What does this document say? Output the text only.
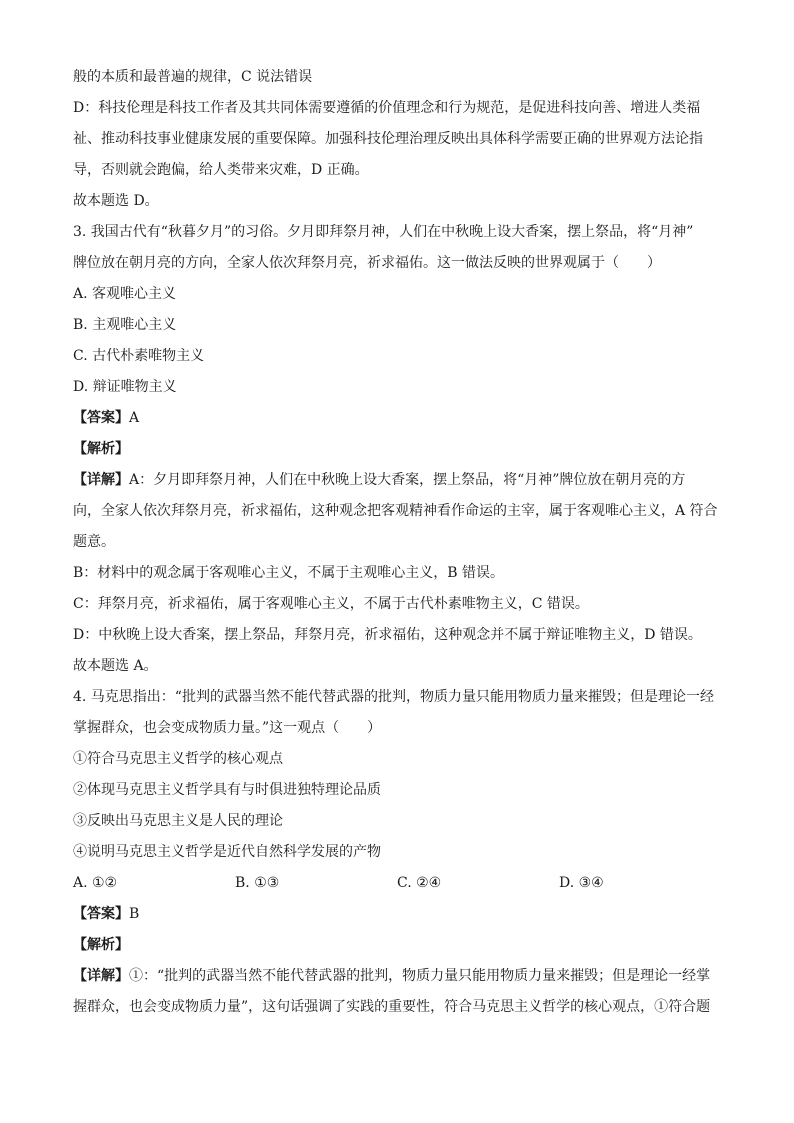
般的本质和最普遍的规律，C 说法错误
D：科技伦理是科技工作者及其共同体需要遵循的价值理念和行为规范，是促进科技向善、增进人类福
祉、推动科技事业健康发展的重要保障。加强科技伦理治理反映出具体科学需要正确的世界观方法论指
导，否则就会跑偏，给人类带来灾难，D 正确。
故本题选 D。
3. 我国古代有“秋暮夕月”的习俗。夕月即拜祭月神，人们在中秋晚上设大香案，摆上祭品，将“月神”
牌位放在朝月亮的方向，全家人依次拜祭月亮，祈求福佑。这一做法反映的世界观属于（　　）
A. 客观唯心主义
B. 主观唯心主义
C. 古代朴素唯物主义
D. 辩证唯物主义
【答案】A
【解析】
【详解】A：夕月即拜祭月神，人们在中秋晚上设大香案，摆上祭品，将“月神”牌位放在朝月亮的方
向，全家人依次拜祭月亮，祈求福佑，这种观念把客观精神看作命运的主宰，属于客观唯心主义，A 符合
题意。
B：材料中的观念属于客观唯心主义，不属于主观唯心主义，B 错误。
C：拜祭月亮，祈求福佑，属于客观唯心主义，不属于古代朴素唯物主义，C 错误。
D：中秋晚上设大香案，摆上祭品，拜祭月亮，祈求福佑，这种观念并不属于辩证唯物主义，D 错误。
故本题选 A。
4. 马克思指出：“批判的武器当然不能代替武器的批判，物质力量只能用物质力量来摧毁；但是理论一经
掌握群众，也会变成物质力量。”这一观点（　　）
①符合马克思主义哲学的核心观点
②体现马克思主义哲学具有与时俱进独特理论品质
③反映出马克思主义是人民的理论
④说明马克思主义哲学是近代自然科学发展的产物
A. ①②	B. ①③	C. ②④	D. ③④
【答案】B
【解析】
【详解】①：“批判的武器当然不能代替武器的批判，物质力量只能用物质力量来摧毁；但是理论一经掌
握群众，也会变成物质力量”，这句话强调了实践的重要性，符合马克思主义哲学的核心观点，①符合题
